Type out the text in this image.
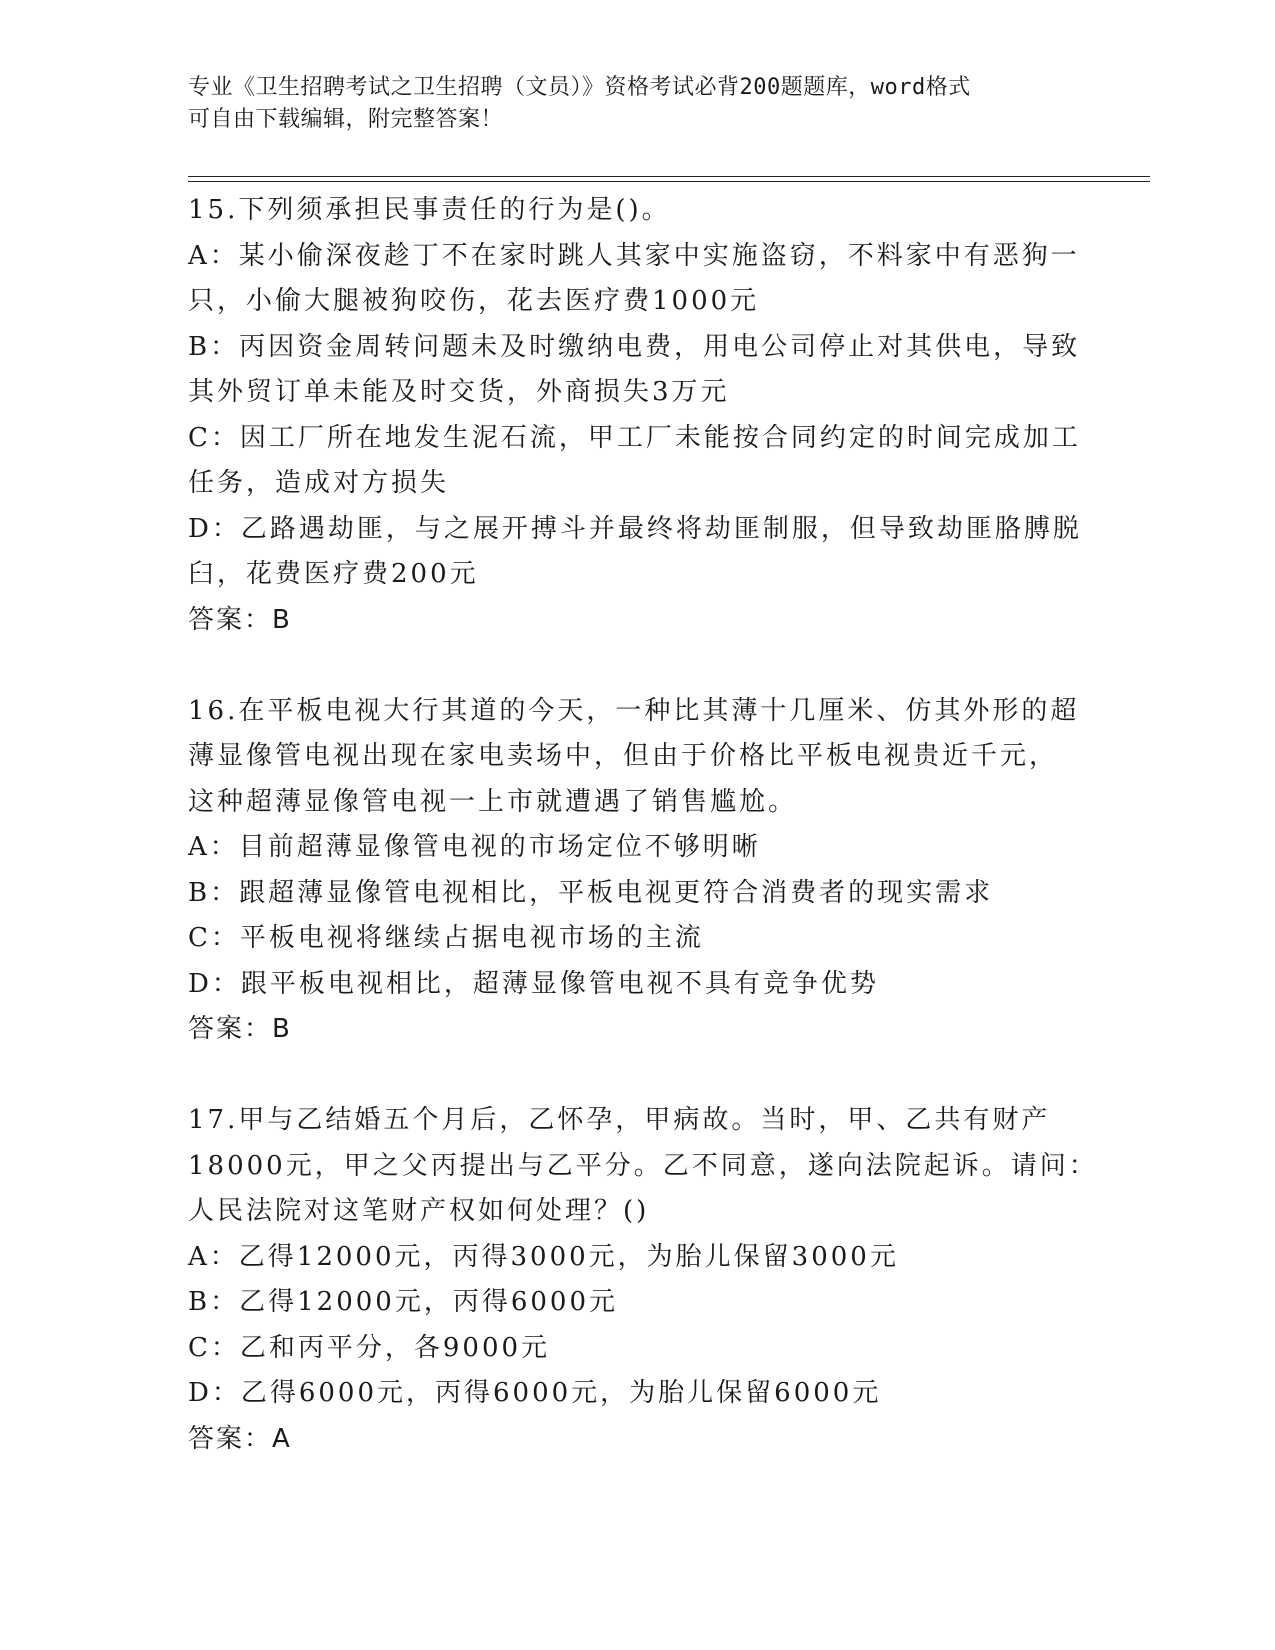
专业《卫生招聘考试之卫生招聘（文员）》资格考试必背200题题库，word格式
可自由下载编辑，附完整答案！
15.下列须承担民事责任的行为是()。
A：某小偷深夜趁丁不在家时跳人其家中实施盗窃，不料家中有恶狗一
只，小偷大腿被狗咬伤，花去医疗费1000元
B：丙因资金周转问题未及时缴纳电费，用电公司停止对其供电，导致
其外贸订单未能及时交货，外商损失3万元
C：因工厂所在地发生泥石流，甲工厂未能按合同约定的时间完成加工
任务，造成对方损失
D：乙路遇劫匪，与之展开搏斗并最终将劫匪制服，但导致劫匪胳膊脱
臼，花费医疗费200元
答案：B
16.在平板电视大行其道的今天，一种比其薄十几厘米、仿其外形的超
薄显像管电视出现在家电卖场中，但由于价格比平板电视贵近千元，
这种超薄显像管电视一上市就遭遇了销售尴尬。
A：目前超薄显像管电视的市场定位不够明晰
B：跟超薄显像管电视相比，平板电视更符合消费者的现实需求
C：平板电视将继续占据电视市场的主流
D：跟平板电视相比，超薄显像管电视不具有竞争优势
答案：B
17.甲与乙结婚五个月后，乙怀孕，甲病故。当时，甲、乙共有财产
18000元，甲之父丙提出与乙平分。乙不同意，遂向法院起诉。请问：
人民法院对这笔财产权如何处理？()
A：乙得12000元，丙得3000元，为胎儿保留3000元
B：乙得12000元，丙得6000元
C：乙和丙平分，各9000元
D：乙得6000元，丙得6000元，为胎儿保留6000元
答案：A
